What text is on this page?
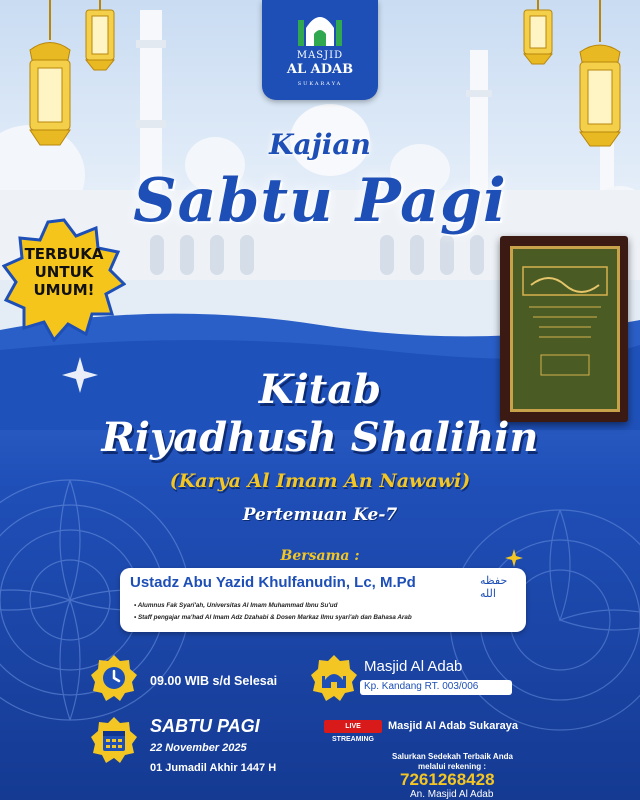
MASJID
AL ADAB
SUKARAYA
Kajian
Sabtu Pagi
TERBUKA
UNTUK
UMUM!
Kitab
Riyadhush Shalihin
(Karya Al Imam An Nawawi)
Pertemuan Ke-7
Bersama :
Ustadz Abu Yazid Khulfanudin, Lc, M.Pd	حفظه الله
• Alumnus Fak Syari'ah, Universitas Al Imam Muhammad Ibnu Su'ud
• Staff pengajar ma'had Al Imam Adz Dzahabi & Dosen Markaz Ilmu syari'ah dan Bahasa Arab
09.00 WIB s/d Selesai
Masjid Al Adab
Kp. Kandang RT. 003/006
SABTU PAGI
22 November 2025
01 Jumadil Akhir 1447 H
LIVE STREAMING
Masjid Al Adab Sukaraya
Salurkan Sedekah Terbaik Anda
melalui rekening :
7261268428
An. Masjid Al Adab
